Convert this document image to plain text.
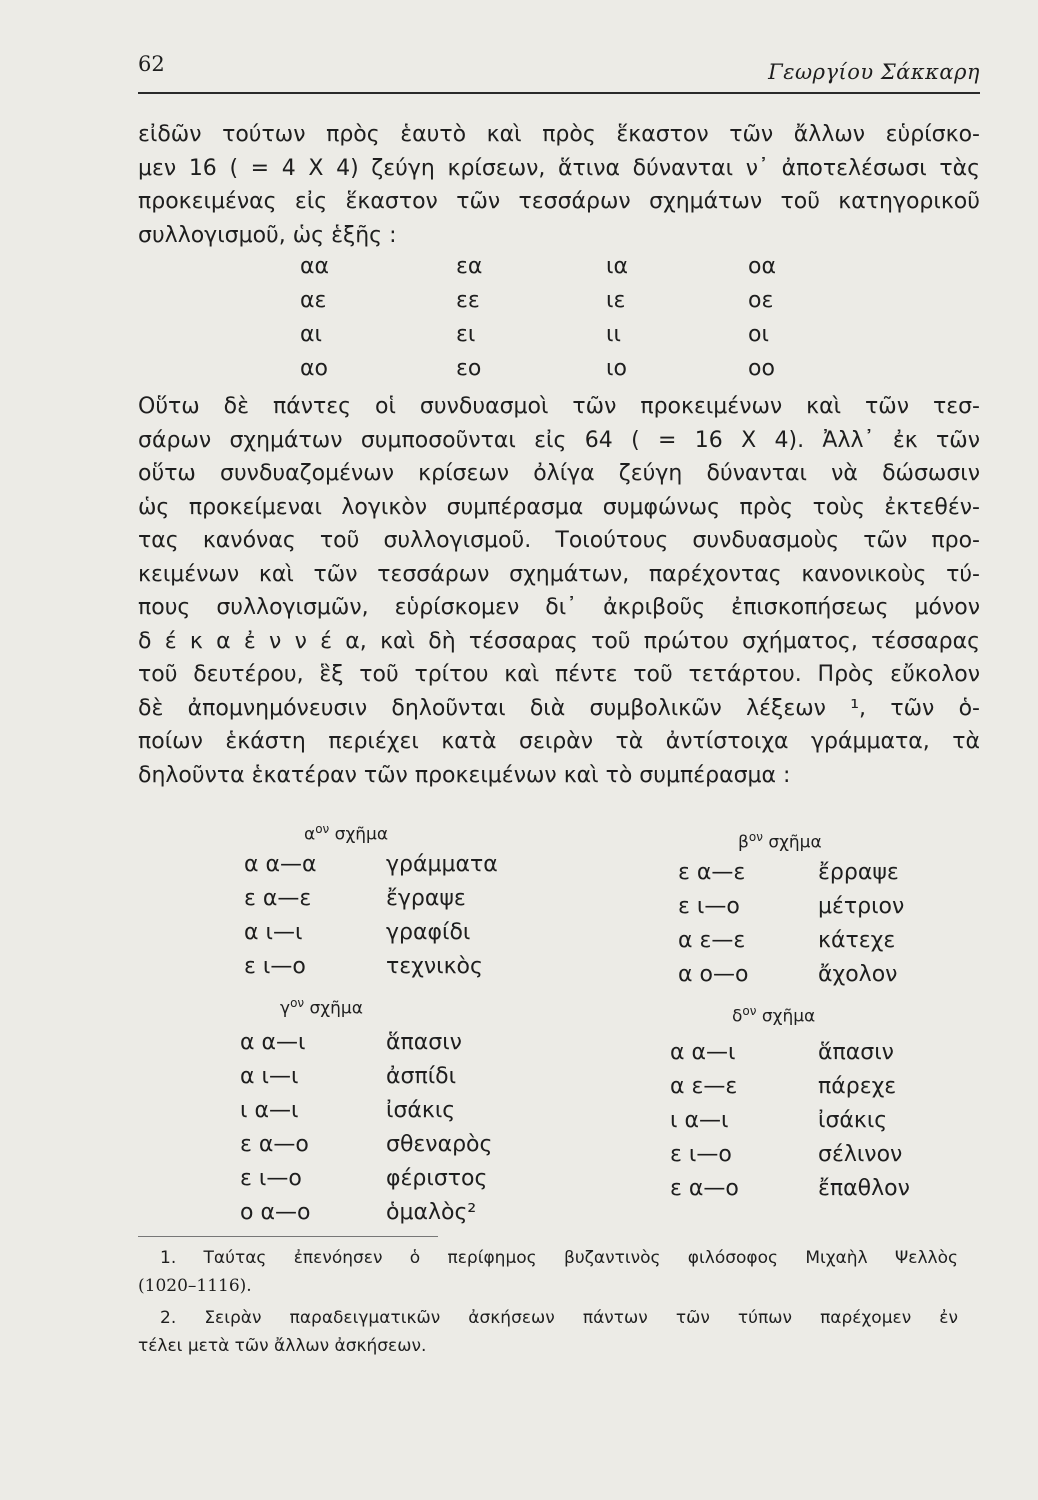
62	Γεωργίου Σάκκαρη

εἰδῶν τούτων πρὸς ἑαυτὸ καὶ πρὸς ἕκαστον τῶν ἄλλων εὑρίσκο-
μεν 16 ( = 4 X 4) ζεύγη κρίσεων, ἅτινα δύνανται ν᾽ ἀποτελέσωσι τὰς
προκειμένας εἰς ἕκαστον τῶν τεσσάρων σχημάτων τοῦ κατηγορικοῦ
συλλογισμοῦ, ὡς ἑξῆς :

αα	εα	ια	οα
αε	εε	ιε	οε
αι	ει	ιι	οι
αο	εο	ιο	οο

Οὕτω δὲ πάντες οἱ συνδυασμοὶ τῶν προκειμένων καὶ τῶν τεσ-
σάρων σχημάτων συμποσοῦνται εἰς 64 ( = 16 X 4). Ἀλλ᾽ ἐκ τῶν
οὕτω συνδυαζομένων κρίσεων ὀλίγα ζεύγη δύνανται νὰ δώσωσιν
ὡς προκείμεναι λογικὸν συμπέρασμα συμφώνως πρὸς τοὺς ἐκτεθέν-
τας κανόνας τοῦ συλλογισμοῦ. Τοιούτους συνδυασμοὺς τῶν προ-
κειμένων καὶ τῶν τεσσάρων σχημάτων, παρέχοντας κανονικοὺς τύ-
πους συλλογισμῶν, εὑρίσκομεν δι᾽ ἀκριβοῦς ἐπισκοπήσεως μόνον
δ έ κ α ἐ ν ν έ α, καὶ δὴ τέσσαρας τοῦ πρώτου σχήματος, τέσσαρας
τοῦ δευτέρου, ἓξ τοῦ τρίτου καὶ πέντε τοῦ τετάρτου. Πρὸς εὔκολον
δὲ ἀπομνημόνευσιν δηλοῦνται διὰ συμβολικῶν λέξεων ¹, τῶν ὁ-
ποίων ἑκάστη περιέχει κατὰ σειρὰν τὰ ἀντίστοιχα γράμματα, τὰ
δηλοῦντα ἑκατέραν τῶν προκειμένων καὶ τὸ συμπέρασμα :

$\alpha^{o\nu}$ σχῆμα
α α—α	γράμματα
ε α—ε	ἔγραψε
α ι—ι	γραφίδι
ε ι—ο	τεχνικὸς
$\beta^{o\nu}$ σχῆμα
ε α—ε	ἔρραψε
ε ι—ο	μέτριον
α ε—ε	κάτεχε
α ο—ο	ἄχολον
$\gamma^{o\nu}$ σχῆμα
α α—ι	ἅπασιν
α ι—ι	ἀσπίδι
ι α—ι	ἰσάκις
ε α—ο	σθεναρὸς
ε ι—ο	φέριστος
ο α—ο	ὁμαλὸς²
$\delta^{o\nu}$ σχῆμα
α α—ι	ἅπασιν
α ε—ε	πάρεχε
ι α—ι	ἰσάκις
ε ι—ο	σέλινον
ε α—ο	ἔπαθλον

1. Ταύτας ἐπενόησεν ὁ περίφημος βυζαντινὸς φιλόσοφος Μιχαὴλ Ψελλὸς
(1020–1116).

2. Σειρὰν παραδειγματικῶν ἀσκήσεων πάντων τῶν τύπων παρέχομεν ἐν
τέλει μετὰ τῶν ἄλλων ἀσκήσεων.
